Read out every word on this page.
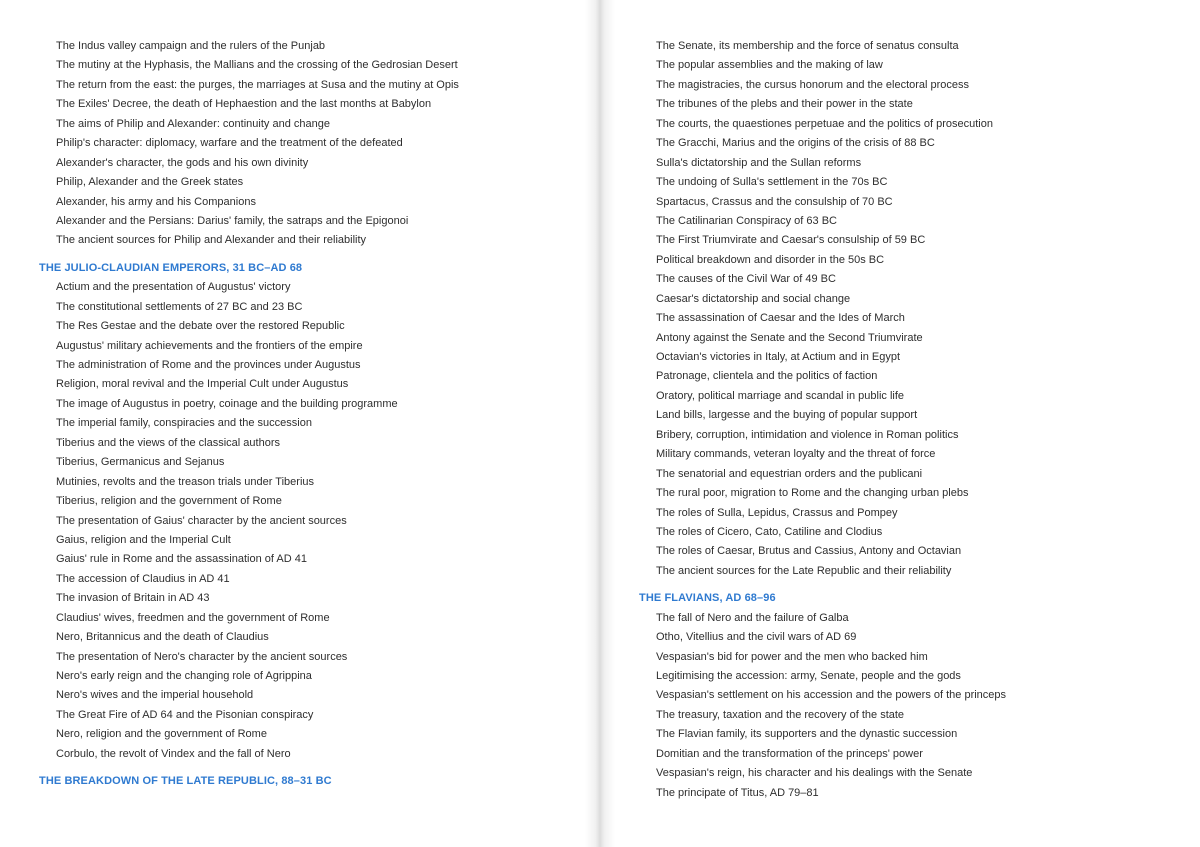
The Indus valley campaign and the rulers of the Punjab
The mutiny at the Hyphasis, the Mallians and the crossing of the Gedrosian Desert
The return from the east: the purges, the marriages at Susa and the mutiny at Opis
The Exiles' Decree, the death of Hephaestion and the last months at Babylon
The aims of Philip and Alexander: continuity and change
Philip's character: diplomacy, warfare and the treatment of the defeated
Alexander's character, the gods and his own divinity
Philip, Alexander and the Greek states
Alexander, his army and his Companions
Alexander and the Persians: Darius' family, the satraps and the Epigonoi
The ancient sources for Philip and Alexander and their reliability
THE JULIO-CLAUDIAN EMPERORS, 31 BC–AD 68
Actium and the presentation of Augustus' victory
The constitutional settlements of 27 BC and 23 BC
The Res Gestae and the debate over the restored Republic
Augustus' military achievements and the frontiers of the empire
The administration of Rome and the provinces under Augustus
Religion, moral revival and the Imperial Cult under Augustus
The image of Augustus in poetry, coinage and the building programme
The imperial family, conspiracies and the succession
Tiberius and the views of the classical authors
Tiberius, Germanicus and Sejanus
Mutinies, revolts and the treason trials under Tiberius
Tiberius, religion and the government of Rome
The presentation of Gaius' character by the ancient sources
Gaius, religion and the Imperial Cult
Gaius' rule in Rome and the assassination of AD 41
The accession of Claudius in AD 41
The invasion of Britain in AD 43
Claudius' wives, freedmen and the government of Rome
Nero, Britannicus and the death of Claudius
The presentation of Nero's character by the ancient sources
Nero's early reign and the changing role of Agrippina
Nero's wives and the imperial household
The Great Fire of AD 64 and the Pisonian conspiracy
Nero, religion and the government of Rome
Corbulo, the revolt of Vindex and the fall of Nero
THE BREAKDOWN OF THE LATE REPUBLIC, 88–31 BC
The Senate, its membership and the force of senatus consulta
The popular assemblies and the making of law
The magistracies, the cursus honorum and the electoral process
The tribunes of the plebs and their power in the state
The courts, the quaestiones perpetuae and the politics of prosecution
The Gracchi, Marius and the origins of the crisis of 88 BC
Sulla's dictatorship and the Sullan reforms
The undoing of Sulla's settlement in the 70s BC
Spartacus, Crassus and the consulship of 70 BC
The Catilinarian Conspiracy of 63 BC
The First Triumvirate and Caesar's consulship of 59 BC
Political breakdown and disorder in the 50s BC
The causes of the Civil War of 49 BC
Caesar's dictatorship and social change
The assassination of Caesar and the Ides of March
Antony against the Senate and the Second Triumvirate
Octavian's victories in Italy, at Actium and in Egypt
Patronage, clientela and the politics of faction
Oratory, political marriage and scandal in public life
Land bills, largesse and the buying of popular support
Bribery, corruption, intimidation and violence in Roman politics
Military commands, veteran loyalty and the threat of force
The senatorial and equestrian orders and the publicani
The rural poor, migration to Rome and the changing urban plebs
The roles of Sulla, Lepidus, Crassus and Pompey
The roles of Cicero, Cato, Catiline and Clodius
The roles of Caesar, Brutus and Cassius, Antony and Octavian
The ancient sources for the Late Republic and their reliability
THE FLAVIANS, AD 68–96
The fall of Nero and the failure of Galba
Otho, Vitellius and the civil wars of AD 69
Vespasian's bid for power and the men who backed him
Legitimising the accession: army, Senate, people and the gods
Vespasian's settlement on his accession and the powers of the princeps
The treasury, taxation and the recovery of the state
The Flavian family, its supporters and the dynastic succession
Domitian and the transformation of the princeps' power
Vespasian's reign, his character and his dealings with the Senate
The principate of Titus, AD 79–81
